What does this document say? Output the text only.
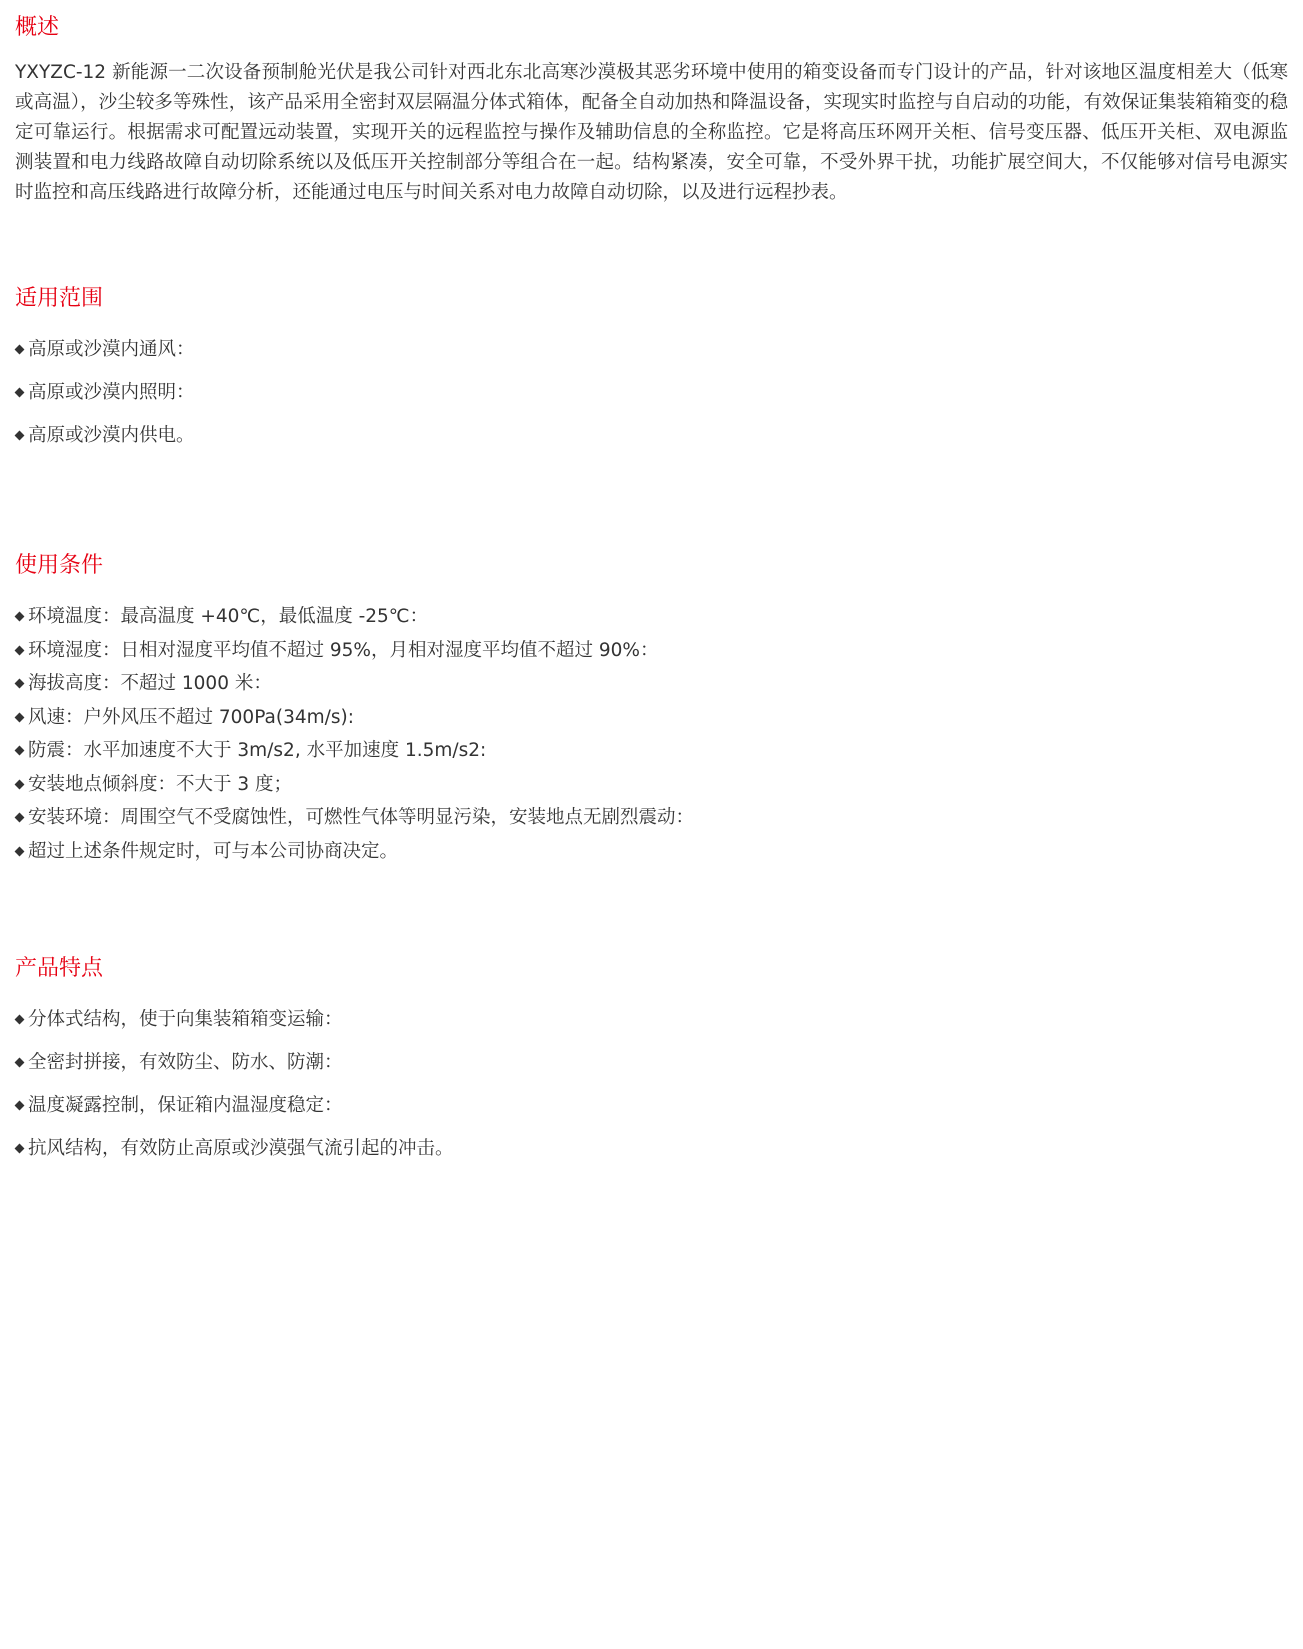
概述

YXYZC-12 新能源一二次设备预制舱光伏是我公司针对西北东北高寒沙漠极其恶劣环境中使用的箱变设备而专门设计的产品，针对该地区温度相差大（低寒或高温），沙尘较多等殊性，该产品采用全密封双层隔温分体式箱体，配备全自动加热和降温设备，实现实时监控与自启动的功能，有效保证集装箱箱变的稳定可靠运行。根据需求可配置远动装置，实现开关的远程监控与操作及辅助信息的全称监控。它是将高压环网开关柜、信号变压器、低压开关柜、双电源监测装置和电力线路故障自动切除系统以及低压开关控制部分等组合在一起。结构紧凑，安全可靠，不受外界干扰，功能扩展空间大，不仅能够对信号电源实时监控和高压线路进行故障分析，还能通过电压与时间关系对电力故障自动切除，以及进行远程抄表。

适用范围
高原或沙漠内通风：
高原或沙漠内照明：
高原或沙漠内供电。
使用条件
环境温度：最高温度 +40℃，最低温度 -25℃：
环境湿度：日相对湿度平均值不超过 95%，月相对湿度平均值不超过 90%：
海拔高度：不超过 1000 米：
风速：户外风压不超过 700Pa(34m/s):
防震：水平加速度不大于 3m/s2, 水平加速度 1.5m/s2:
安装地点倾斜度：不大于 3 度；
安装环境：周围空气不受腐蚀性，可燃性气体等明显污染，安装地点无剧烈震动：
超过上述条件规定时，可与本公司协商决定。
产品特点
分体式结构，使于向集装箱箱变运输：
全密封拼接，有效防尘、防水、防潮：
温度凝露控制，保证箱内温湿度稳定：
抗风结构，有效防止高原或沙漠强气流引起的冲击。
